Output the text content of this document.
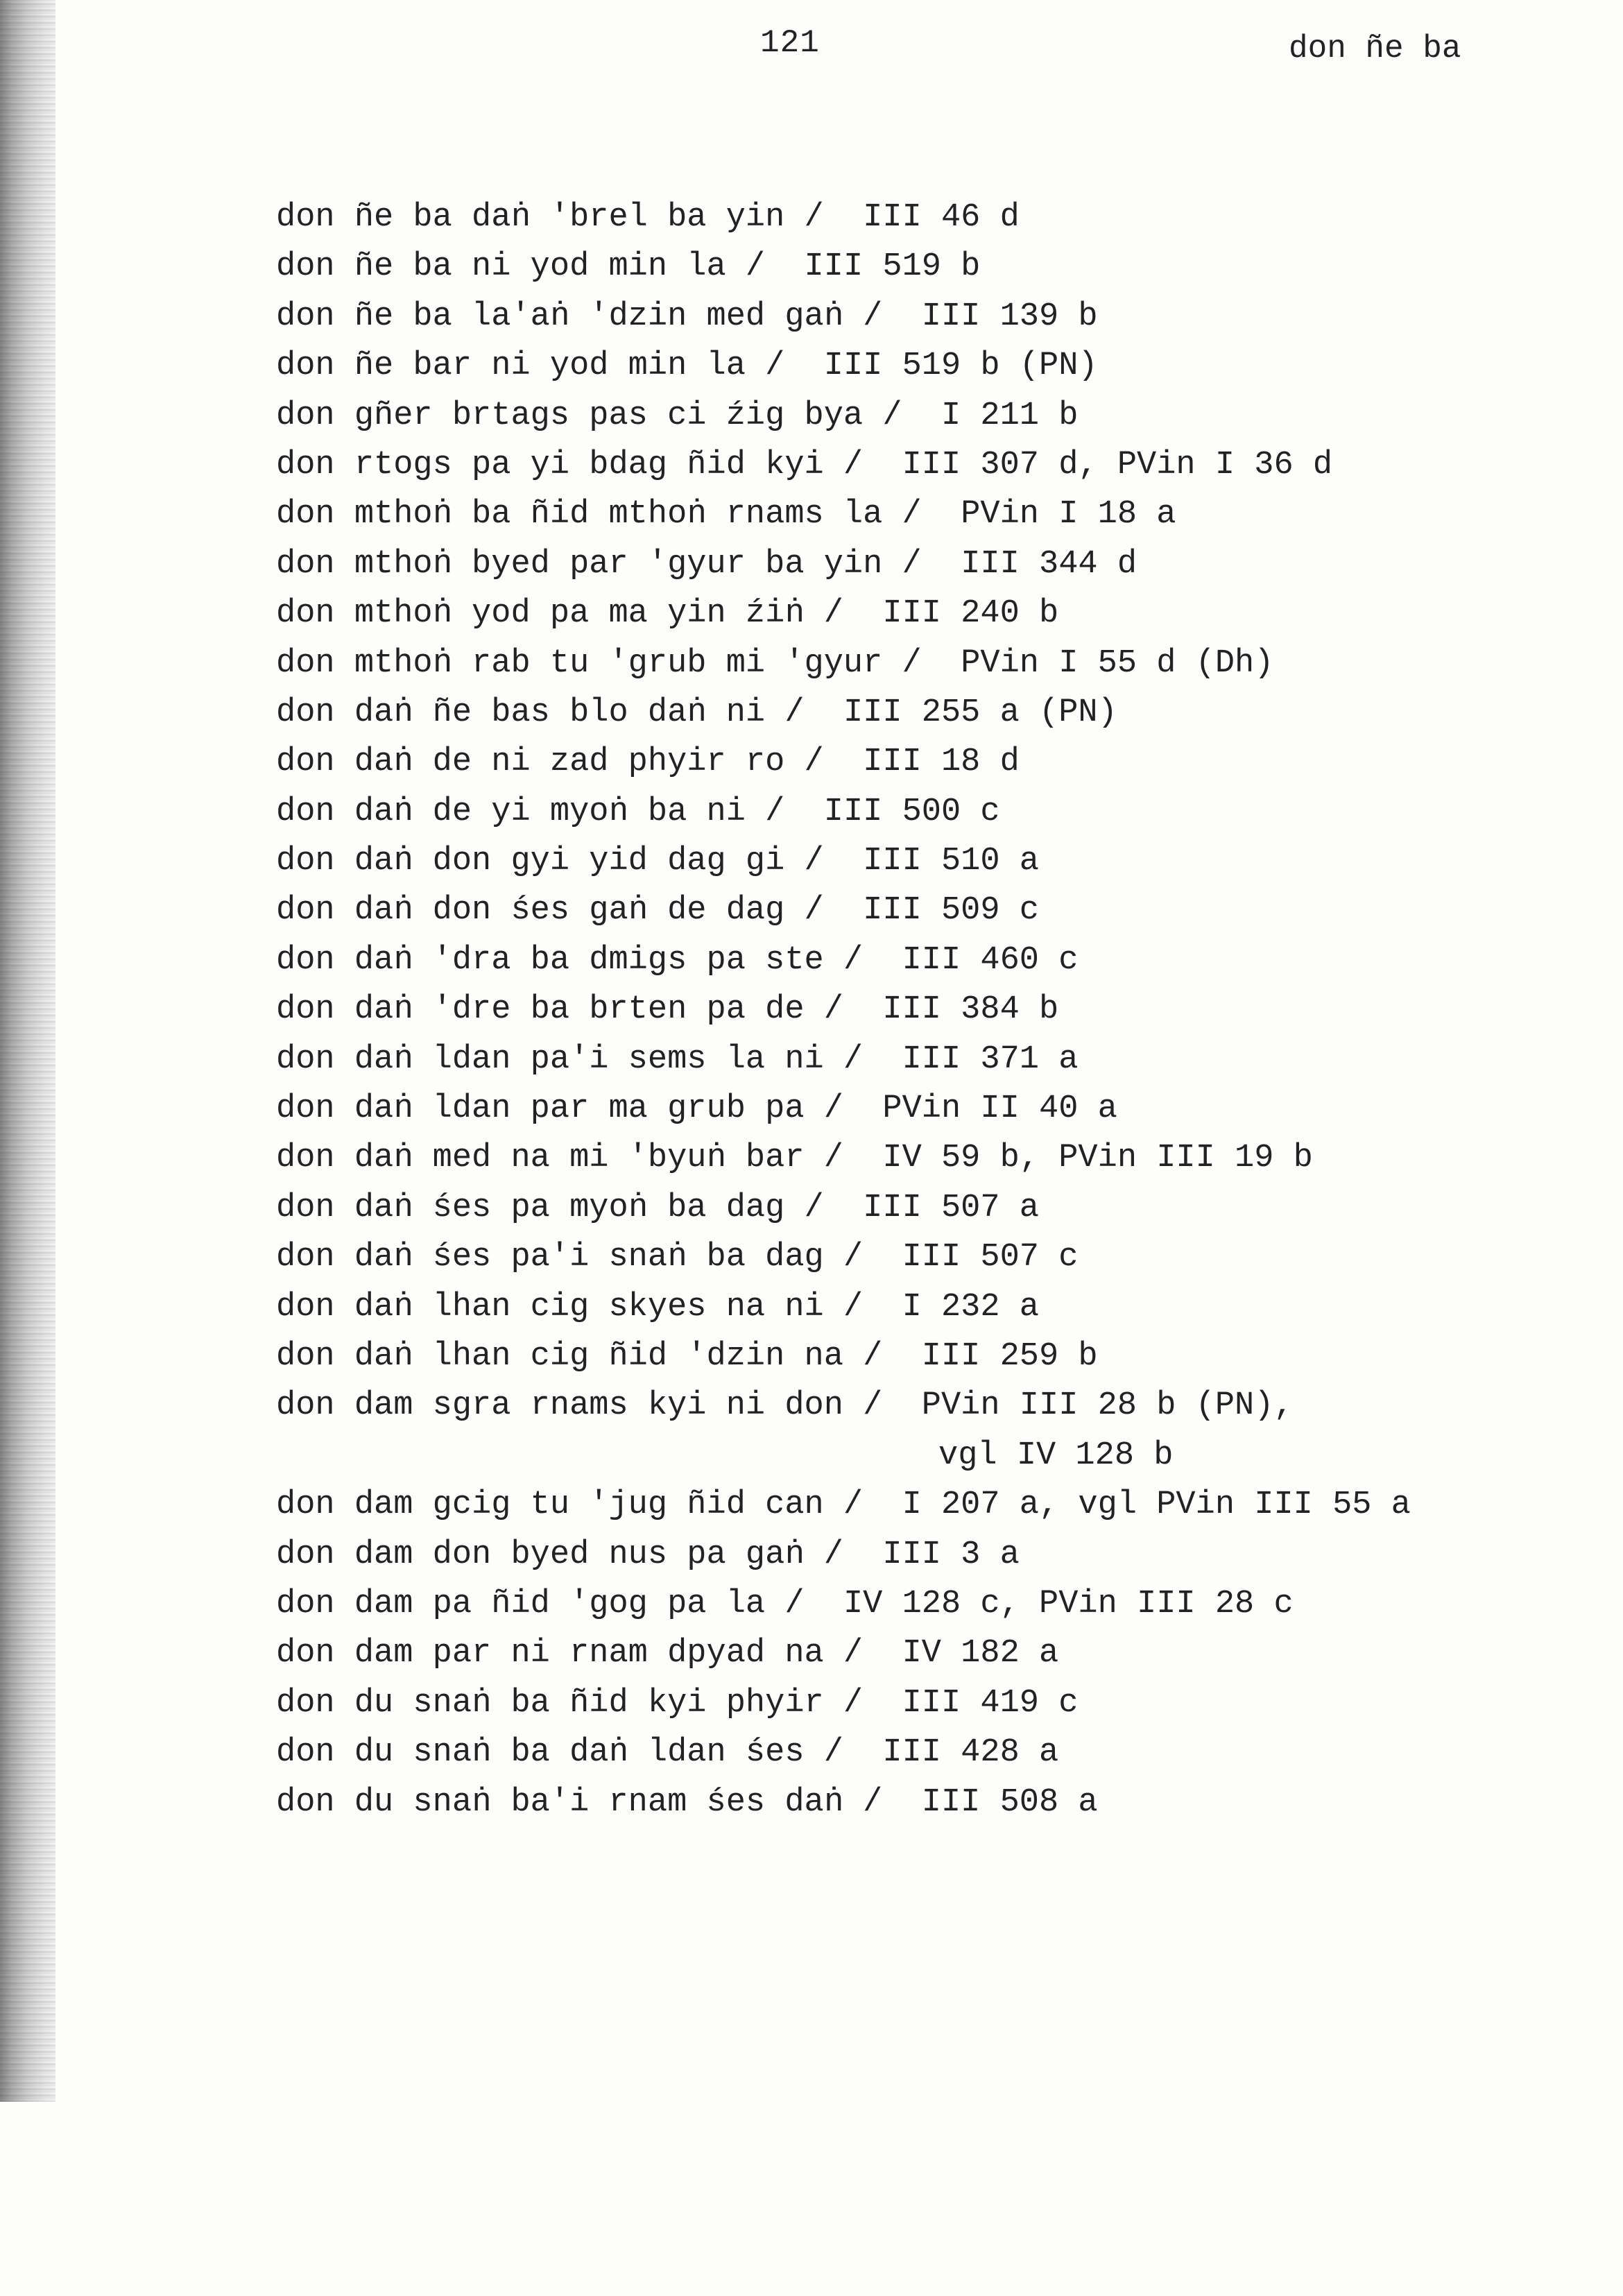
121	don ñe ba
don ñe ba daṅ 'brel ba yin / III 46 d
don ñe ba ni yod min la / III 519 b
don ñe ba la'aṅ 'dzin med gaṅ / III 139 b
don ñe bar ni yod min la / III 519 b (PN)
don gñer brtags pas ci źig bya / I 211 b
don rtogs pa yi bdag ñid kyi / III 307 d, PVin I 36 d
don mthoṅ ba ñid mthoṅ rnams la / PVin I 18 a
don mthoṅ byed par 'gyur ba yin / III 344 d
don mthoṅ yod pa ma yin źiṅ / III 240 b
don mthoṅ rab tu 'grub mi 'gyur / PVin I 55 d (Dh)
don daṅ ñe bas blo daṅ ni / III 255 a (PN)
don daṅ de ni zad phyir ro / III 18 d
don daṅ de yi myoṅ ba ni / III 500 c
don daṅ don gyi yid dag gi / III 510 a
don daṅ don śes gaṅ de dag / III 509 c
don daṅ 'dra ba dmigs pa ste / III 460 c
don daṅ 'dre ba brten pa de / III 384 b
don daṅ ldan pa'i sems la ni / III 371 a
don daṅ ldan par ma grub pa / PVin II 40 a
don daṅ med na mi 'byuṅ bar / IV 59 b, PVin III 19 b
don daṅ śes pa myoṅ ba dag / III 507 a
don daṅ śes pa'i snaṅ ba dag / III 507 c
don daṅ lhan cig skyes na ni / I 232 a
don daṅ lhan cig ñid 'dzin na / III 259 b
don dam sgra rnams kyi ni don / PVin III 28 b (PN),
vgl IV 128 b
don dam gcig tu 'jug ñid can / I 207 a, vgl PVin III 55 a
don dam don byed nus pa gaṅ / III 3 a
don dam pa ñid 'gog pa la / IV 128 c, PVin III 28 c
don dam par ni rnam dpyad na / IV 182 a
don du snaṅ ba ñid kyi phyir / III 419 c
don du snaṅ ba daṅ ldan śes / III 428 a
don du snaṅ ba'i rnam śes daṅ / III 508 a
